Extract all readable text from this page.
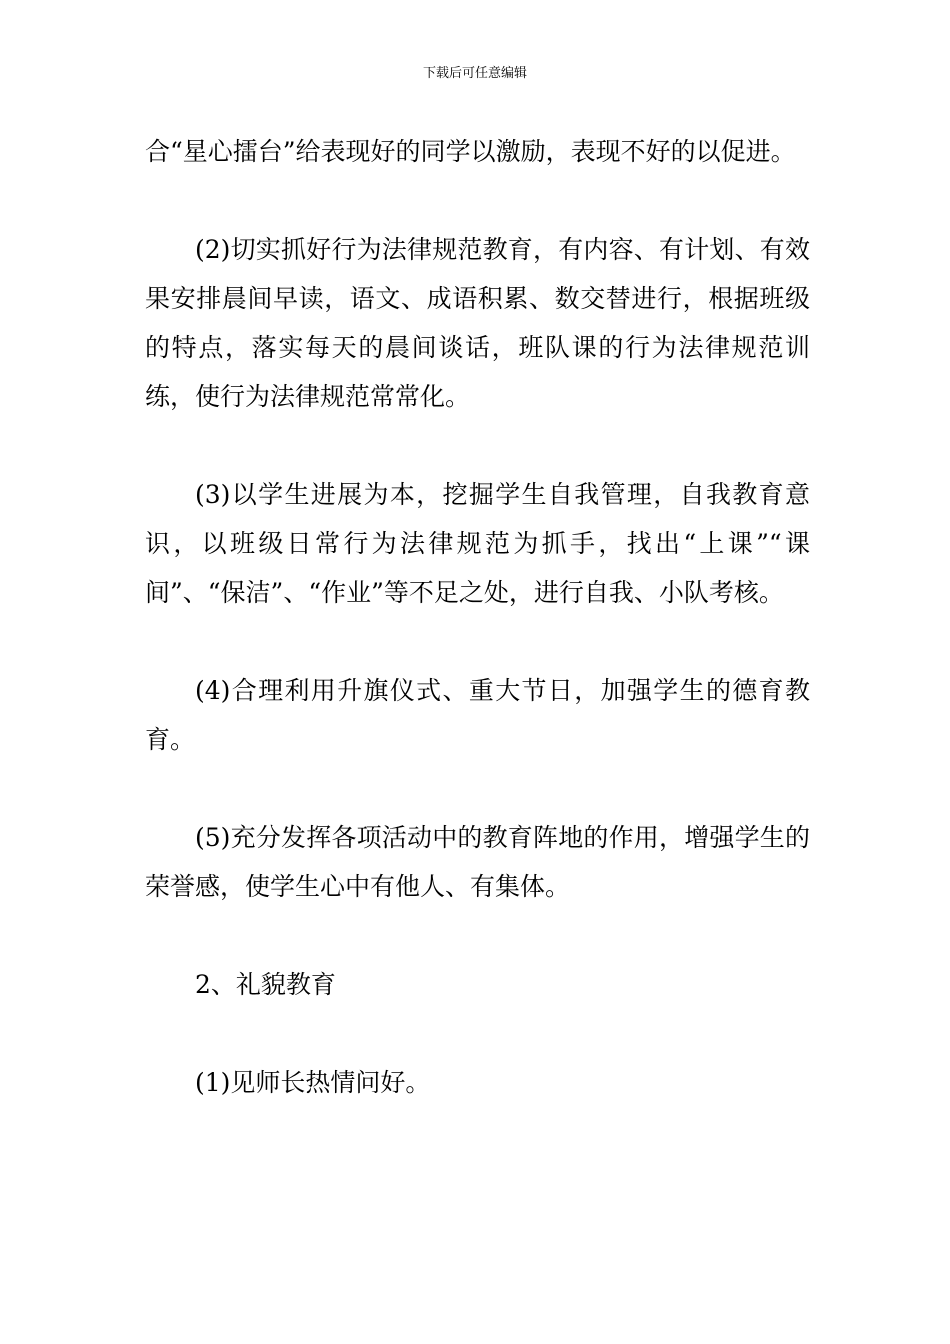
下载后可任意编辑

合“星心擂台”给表现好的同学以激励，表现不好的以促进。

(2)切实抓好行为法律规范教育，有内容、有计划、有效果安排晨间早读，语文、成语积累、数交替进行，根据班级的特点，落实每天的晨间谈话，班队课的行为法律规范训练，使行为法律规范常常化。

(3)以学生进展为本，挖掘学生自我管理，自我教育意识，以班级日常行为法律规范为抓手，找出“上课”“课间”、“保洁”、“作业”等不足之处，进行自我、小队考核。

(4)合理利用升旗仪式、重大节日，加强学生的德育教育。

(5)充分发挥各项活动中的教育阵地的作用，增强学生的荣誉感，使学生心中有他人、有集体。

2、礼貌教育

(1)见师长热情问好。
